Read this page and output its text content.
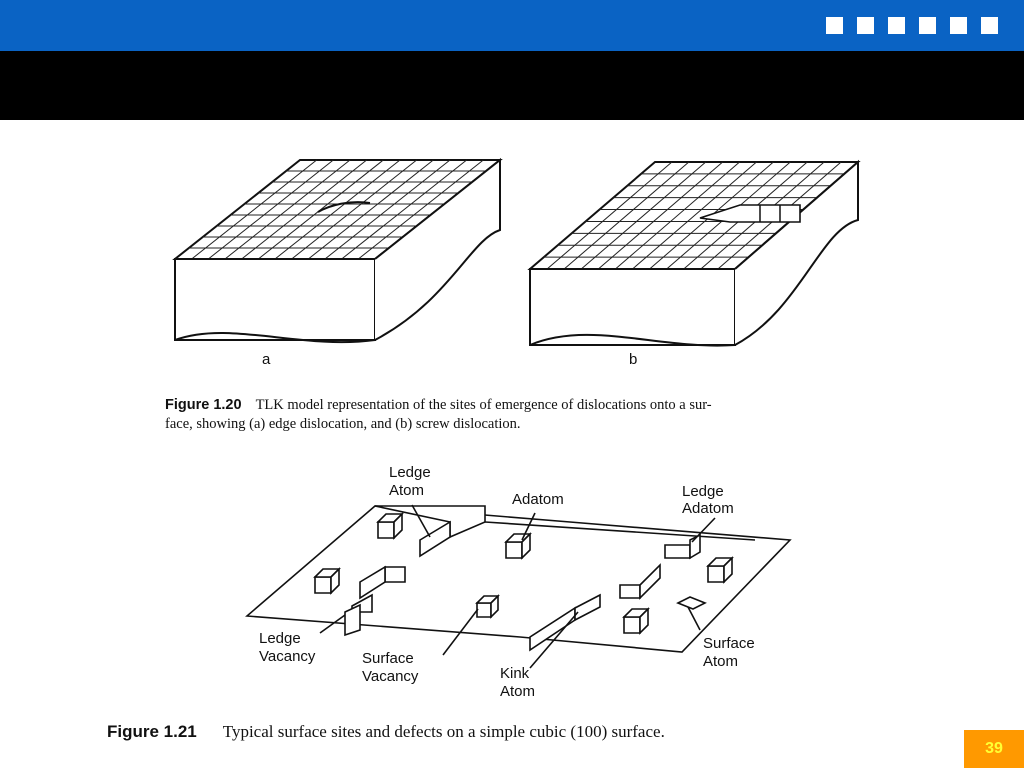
a	b
Ledge
Atom
Adatom	Ledge
Adatom
Ledge
Vacancy	Surface
Vacancy	Kink
Atom
Surface
Atom
Figure 1.20 TLK model representation of the sites of emergence of dislocations onto a sur-
face, showing (a) edge dislocation, and (b) screw dislocation.
Figure 1.21 Typical surface sites and defects on a simple cubic (100) surface.
39
